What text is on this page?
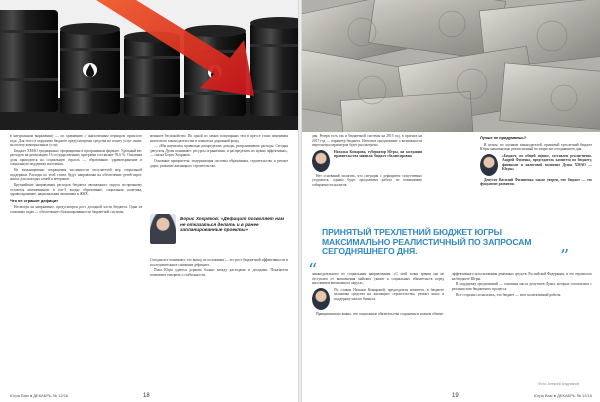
в натуральном выражении) — по сравнению с аналогичным периодом прошлого года. Для этого в окружном бюджете предусмотрены средства на оплату услуг связи; на оплату коммунальных услуг,

Бюджет ХМАО традиционно сформирован в программном формате. Удельный вес расходов на реализацию 16 государственных программ составляет 95,6 %. Основная доля приходится на социальную отрасль — образование, здравоохранение и социальную поддержку населения.

Не запланировано сокращения численности получателей мер социальной поддержки. Расходы по этой статье будут направлены на обеспечение детей-сирот, жилье для молодых семей и ветеранов.

Крупнейшие направления расходов бюджета автономного округа по-прежнему остаются неизменными: в топ-5 входят образование, социальная политика, здравоохранение, национальная экономика и ЖКХ.

Что не страшит дефицит

Несмотря на напряжение, предусмотрен рост доходной части бюджета. Одна из основных задач — обеспечение сбалансированности бюджетной системы.

меньшее беспокойство. По одной из самых популярных тем в прессе стали изменения налогового законодательства и планов на дорожный фонд.

— «Мы научились правильно распределять доходы, разграничивать расходы. Сегодня депутаты Думы понимают: ресурсы ограничены, и распределять их нужно эффективно», — сказал Борис Хохряков.

Основные приоритеты: модернизация системы образования, строительство и ремонт дорог, развитие жилищного строительства.

Борис Хохряков: «Дефицит позволяет нам не отказаться делать и в ранее запланированные проекты»

Сегодня все понимают, что выход из положения — это рост бюджетной эффективности и последовательное снижение дефицита.

Пока Югра удается держать баланс между расходами и доходами. Показатели позволяют говорить о стабильности.

Югра Вам ● ДЕКАБРЬ № 12/16	18

ден. Резерв есть так и бюджетной системы на 2015 год, в прогноз на 2017 год — параметр бюджета. Итоговое предложение о возможности пересмотра параметров будет рассмотрено.

Наталья Комарова, губернатор Югры, на заседании правительства заявила: бюджет сбалансирован.

Нет оснований полагать, что ситуация с дефицитом существенно ухудшится, однако будет продолжена работа по повышению собираемости налогов.

Лучше не придумаешь?

В целом, по оценкам законодателей, принятый трехлетний бюджет Югры максимально реалистичный по запросам сегодняшнего дня.

«Бюджет, по общей оценке, составлен реалистично. Андрей Фоменко, председатель комитета по бюджету, финансам и налоговой политике Думы ХМАО — Югры»

Депутат Василий Филипенко также уверен, что бюджет — это фундамент развития.

“
ПРИНЯТЫЙ ТРЕХЛЕТНИЙ БЮДЖЕТ ЮГРЫ МАКСИМАЛЬНО РЕАЛИСТИЧНЫЙ ПО ЗАПРОСАМ СЕГОДНЯШНЕГО ДНЯ.	”

законодательного по социальным направлениям. «С этой точки зрения мы не отступаем от выполнения майских указов и социальных обязательств перед населением автономного округа»,

По словам Натальи Комаровой, председателя комитета, в бюджете заложены средства на жилищное строительство, ремонт школ и поддержку малого бизнеса.

Принципиально важно, что социальные обязательства сохранены в полном объеме.

эффективного использования денежных средств. Российской Федерации, и это отразилось на бюджете Югры.

В поддержку предложений — основная масса депутатов Думы, которые согласились с реальностью бюджетного процесса.

Все стороны согласились, что бюджет — итог коллективной работы.

Фото: Алексей Андрианов
19	Югра Вам ● ДЕКАБРЬ № 12/16
